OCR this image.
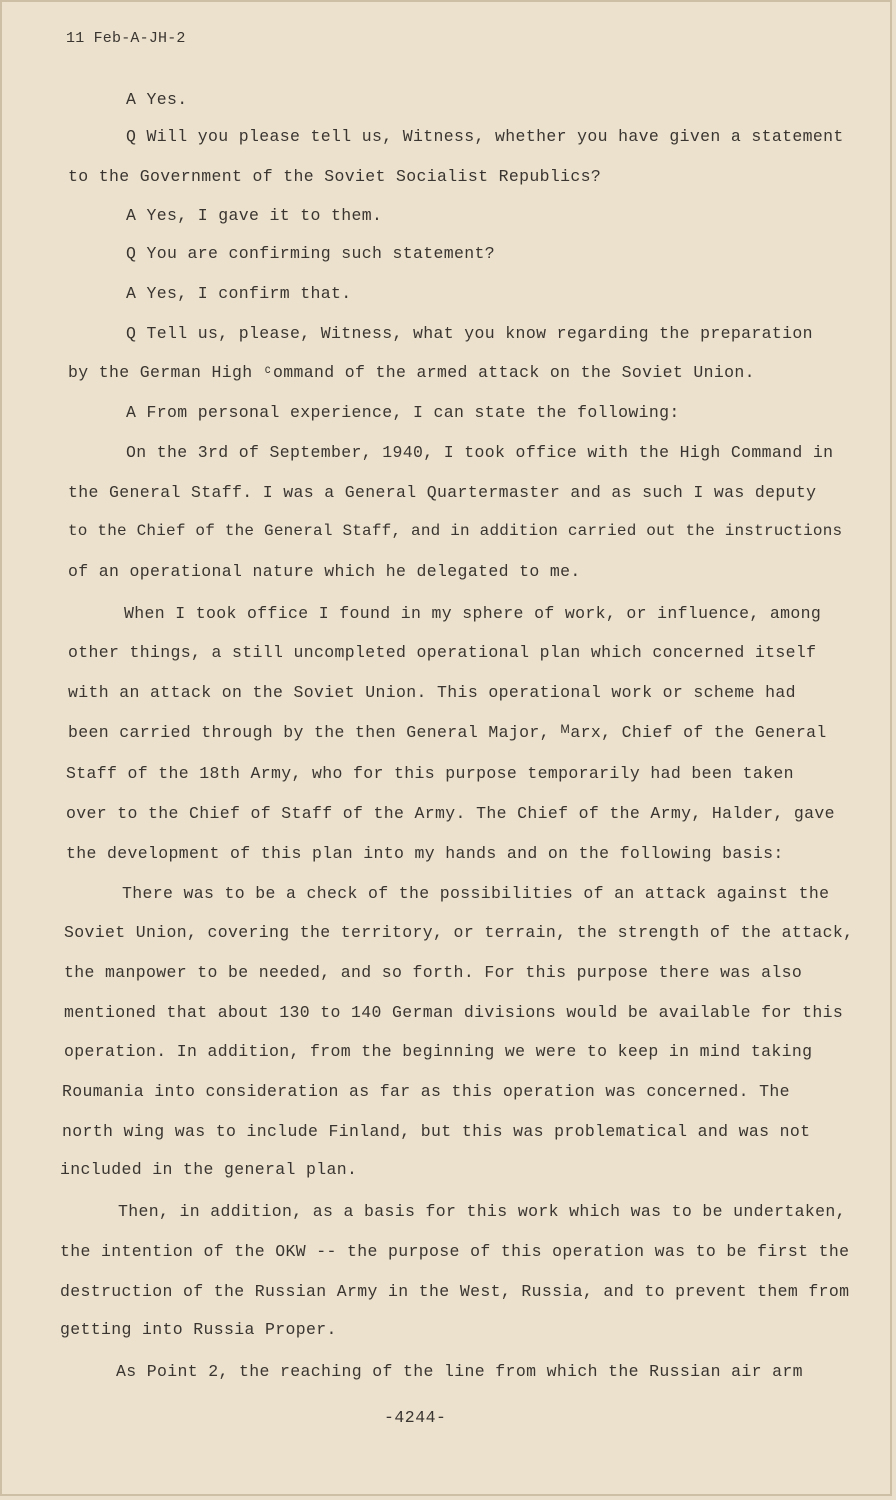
11 Feb-A-JH-2
A Yes.
Q Will you please tell us, Witness, whether you have given a statement
to the Government of the Soviet Socialist Republics?
A Yes, I gave it to them.
Q You are confirming such statement?
A Yes, I confirm that.
Q Tell us, please, Witness, what you know regarding the preparation
by the German High ᶜommand of the armed attack on the Soviet Union.
A From personal experience, I can state the following:
On the 3rd of September, 1940, I took office with the High Command in
the General Staff. I was a General Quartermaster and as such I was deputy
to the Chief of the General Staff, and in addition carried out the instructions
of an operational nature which he delegated to me.
When I took office I found in my sphere of work, or influence, among
other things, a still uncompleted operational plan which concerned itself
with an attack on the Soviet Union. This operational work or scheme had
been carried through by the then General Major, ᴹarx, Chief of the General
Staff of the 18th Army, who for this purpose temporarily had been taken
over to the Chief of Staff of the Army. The Chief of the Army, Halder, gave
the development of this plan into my hands and on the following basis:
There was to be a check of the possibilities of an attack against the
Soviet Union, covering the territory, or terrain, the strength of the attack,
the manpower to be needed, and so forth. For this purpose there was also
mentioned that about 130 to 140 German divisions would be available for this
operation. In addition, from the beginning we were to keep in mind taking
Roumania into consideration as far as this operation was concerned. The
north wing was to include Finland, but this was problematical and was not
included in the general plan.
Then, in addition, as a basis for this work which was to be undertaken,
the intention of the OKW -- the purpose of this operation was to be first the
destruction of the Russian Army in the West, Russia, and to prevent them from
getting into Russia Proper.
As Point 2, the reaching of the line from which the Russian air arm
-4244-
